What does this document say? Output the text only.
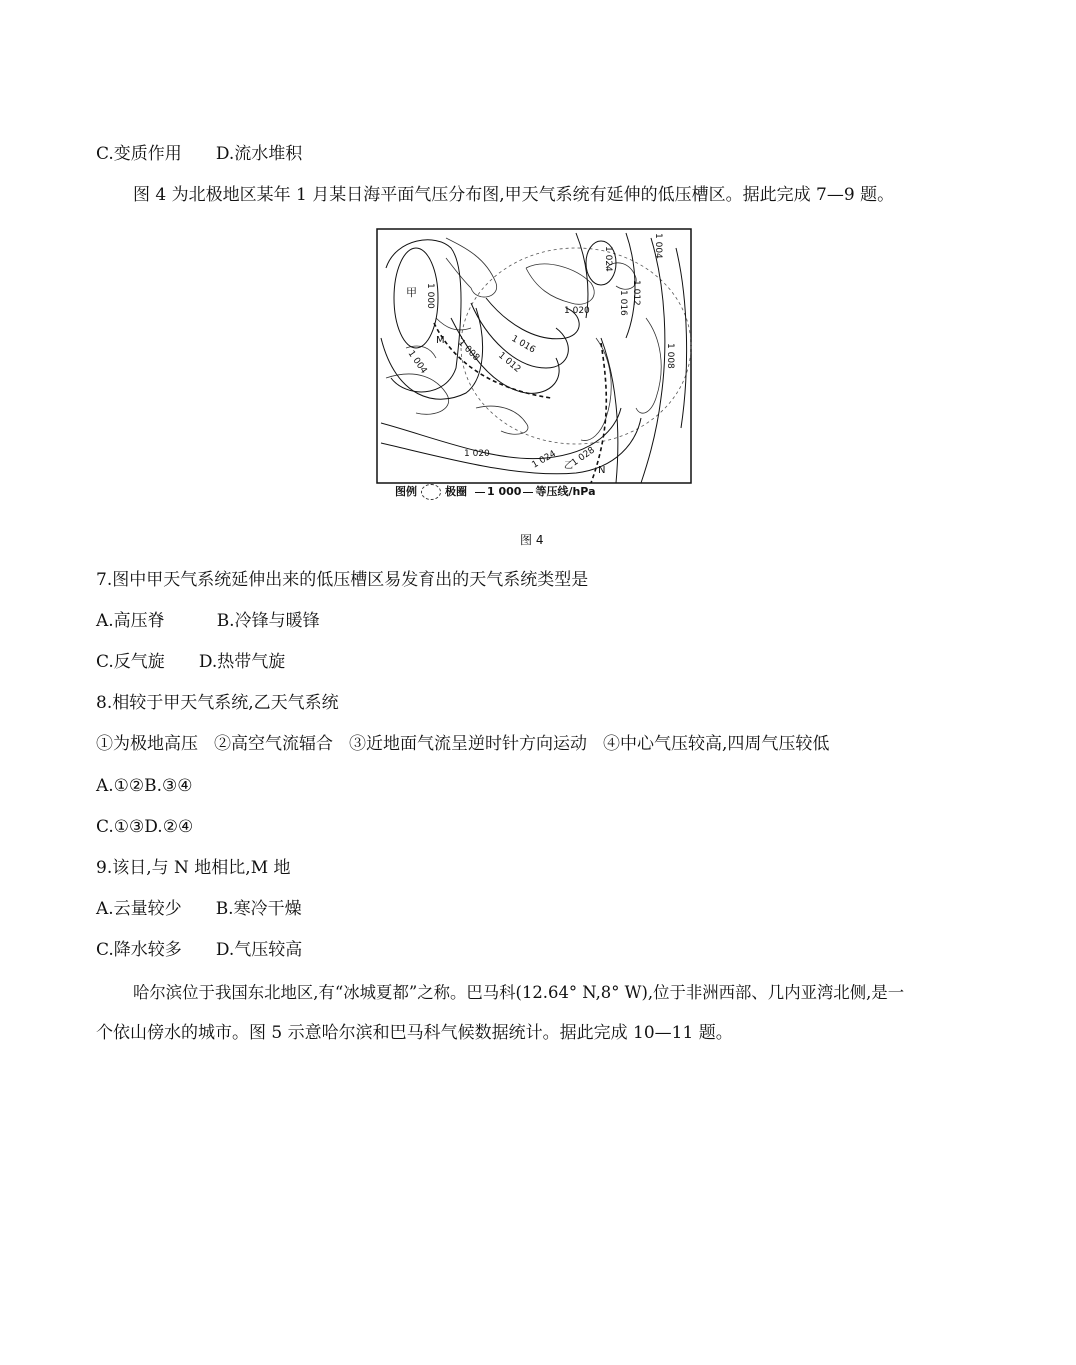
C.变质作用 D.流水堆积
图 4 为北极地区某年 1 月某日海平面气压分布图,甲天气系统有延伸的低压槽区。据此完成 7—9 题。
甲
M
N
乙
1 000
1 004	1 008 1 012
1 016
1 020
1 024
1 016 1 012
1 004
1 008
1 020	1 024 1 028
图例	极圈 1 000 等压线/hPa
图 4
7.图中甲天气系统延伸出来的低压槽区易发育出的天气系统类型是
A.高压脊	B.冷锋与暖锋
C.反气旋 D.热带气旋
8.相较于甲天气系统,乙天气系统
①为极地高压 ②高空气流辐合 ③近地面气流呈逆时针方向运动 ④中心气压较高,四周气压较低
A.①②B.③④
C.①③D.②④
9.该日,与 N 地相比,M 地
A.云量较少 B.寒冷干燥
C.降水较多 D.气压较高
哈尔滨位于我国东北地区,有“冰城夏都”之称。巴马科(12.64° N,8° W),位于非洲西部、几内亚湾北侧,是一
个依山傍水的城市。图 5 示意哈尔滨和巴马科气候数据统计。据此完成 10—11 题。
